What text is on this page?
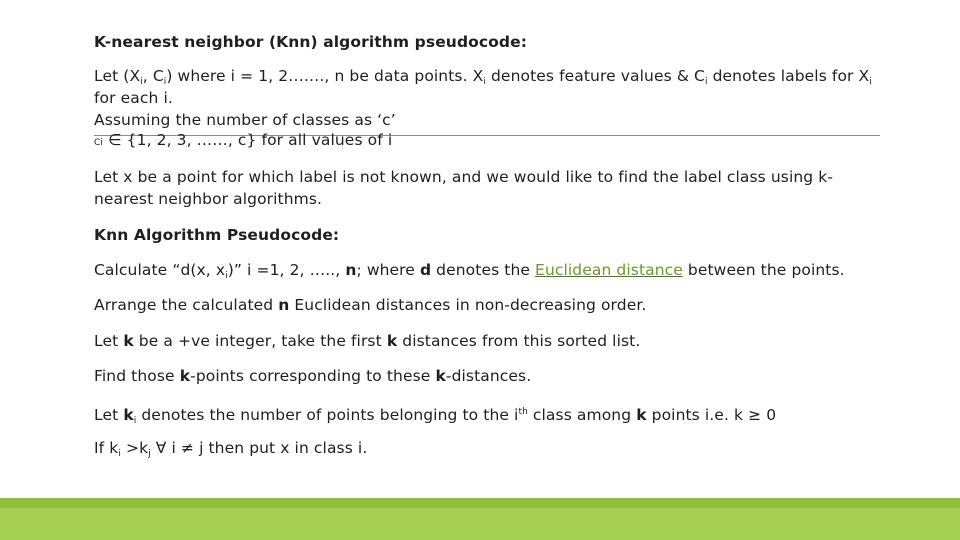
K-nearest neighbor (Knn) algorithm pseudocode:
Let ($X_i$, $C_i$) where i = 1, 2……., n be data points. $X_i$ denotes feature values & $C_i$ denotes labels for $X_i$
for each i.
Assuming the number of classes as ‘c’
Ci ∈ {1, 2, 3, ……, c} for all values of i
Let x be a point for which label is not known, and we would like to find the label class using k-
nearest neighbor algorithms.
Knn Algorithm Pseudocode:
Calculate “d(x, $x_i$)” i =1, 2, ….., n; where d denotes the Euclidean distance between the points.
Arrange the calculated n Euclidean distances in non-decreasing order.
Let k be a +ve integer, take the first k distances from this sorted list.
Find those k-points corresponding to these k-distances.
Let $k_i$ denotes the number of points belonging to the $i^{th}$ class among k points i.e. k ≥ 0
If $k_i >k_j$ ∀ i ≠ j then put x in class i.
